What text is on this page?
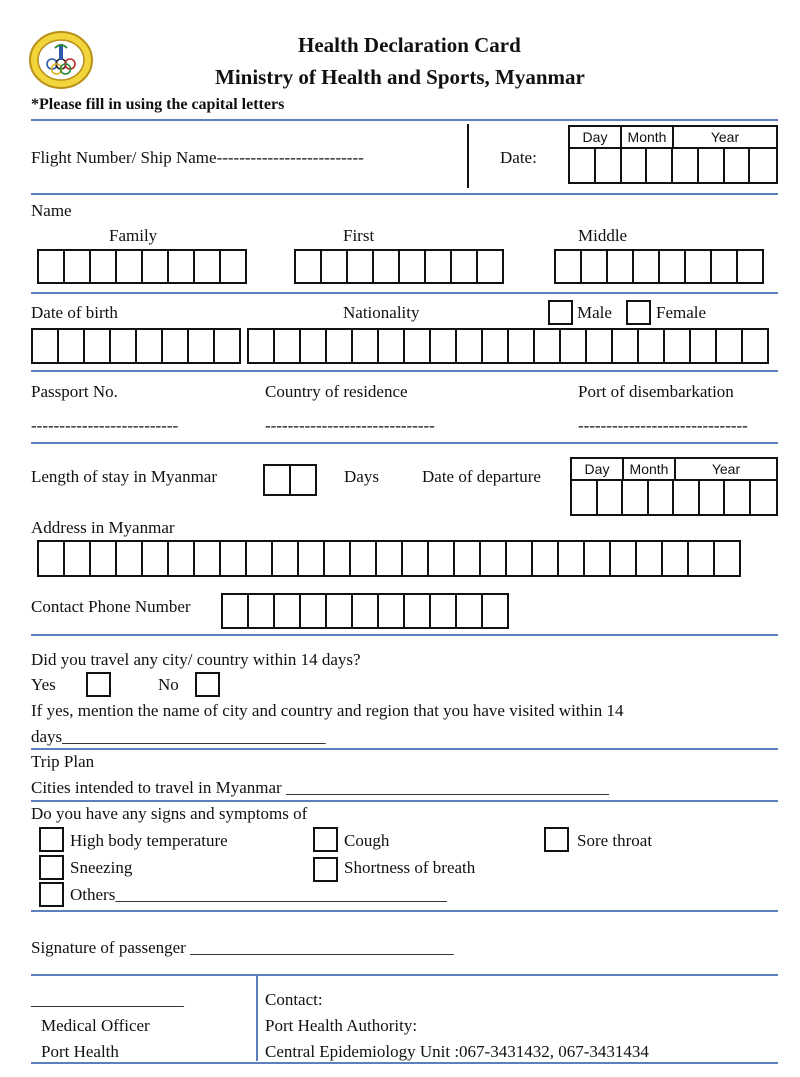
Health Declaration Card
Ministry of Health and Sports, Myanmar
*Please fill in using the capital letters
Flight Number/ Ship Name--------------------------	Date:
Day	Month	Year
Name
Family	First	Middle
Date of birth	Nationality	Male	Female
Passport No.	Country of residence	Port of disembarkation
--------------------------	------------------------------	------------------------------
Length of stay in Myanmar	Days	Date of departure	Day	Month	Year
Address in Myanmar
Contact Phone Number
Did you travel any city/ country within 14 days?
Yes	No
If yes, mention the name of city and country and region that you have visited within 14
days_______________________________
Trip Plan
Cities intended to travel in Myanmar ______________________________________
Do you have any signs and symptoms of
High body temperature	Cough	Sore throat
Sneezing	Shortness of breath
Others_______________________________________
Signature of passenger _______________________________
__________________
Medical Officer
Port Health
Contact:
Port Health Authority:
Central Epidemiology Unit :067-3431432, 067-3431434
